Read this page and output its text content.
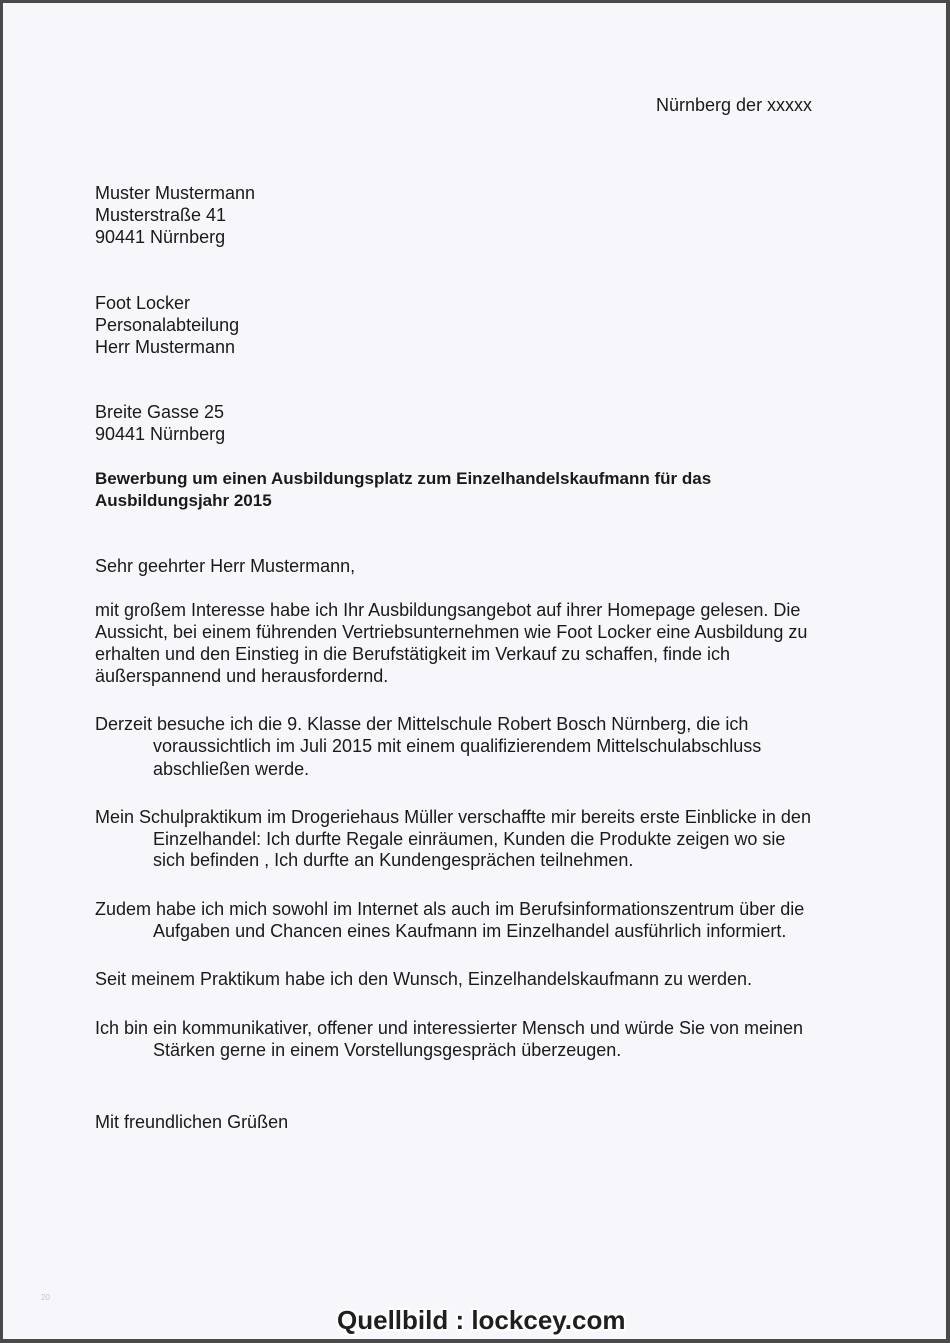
Nürnberg der xxxxx
Muster Mustermann
Musterstraße 41
90441 Nürnberg
Foot Locker
Personalabteilung
Herr Mustermann
Breite Gasse 25
90441 Nürnberg
Bewerbung um einen Ausbildungsplatz zum Einzelhandelskaufmann für das
Ausbildungsjahr 2015
Sehr geehrter Herr Mustermann,
mit großem Interesse habe ich Ihr Ausbildungsangebot auf ihrer Homepage gelesen. Die
Aussicht, bei einem führenden Vertriebsunternehmen wie Foot Locker eine Ausbildung zu
erhalten und den Einstieg in die Berufstätigkeit im Verkauf zu schaffen, finde ich
äußerspannend und herausfordernd.
Derzeit besuche ich die 9. Klasse der Mittelschule Robert Bosch Nürnberg, die ich
voraussichtlich im Juli 2015 mit einem qualifizierendem Mittelschulabschluss
abschließen werde.
Mein Schulpraktikum im Drogeriehaus Müller verschaffte mir bereits erste Einblicke in den
Einzelhandel: Ich durfte Regale einräumen, Kunden die Produkte zeigen wo sie
sich befinden , Ich durfte an Kundengesprächen teilnehmen.
Zudem habe ich mich sowohl im Internet als auch im Berufsinformationszentrum über die
Aufgaben und Chancen eines Kaufmann im Einzelhandel ausführlich informiert.
Seit meinem Praktikum habe ich den Wunsch, Einzelhandelskaufmann zu werden.
Ich bin ein kommunikativer, offener und interessierter Mensch und würde Sie von meinen
Stärken gerne in einem Vorstellungsgespräch überzeugen.
Mit freundlichen Grüßen
20
Quellbild : lockcey.com
